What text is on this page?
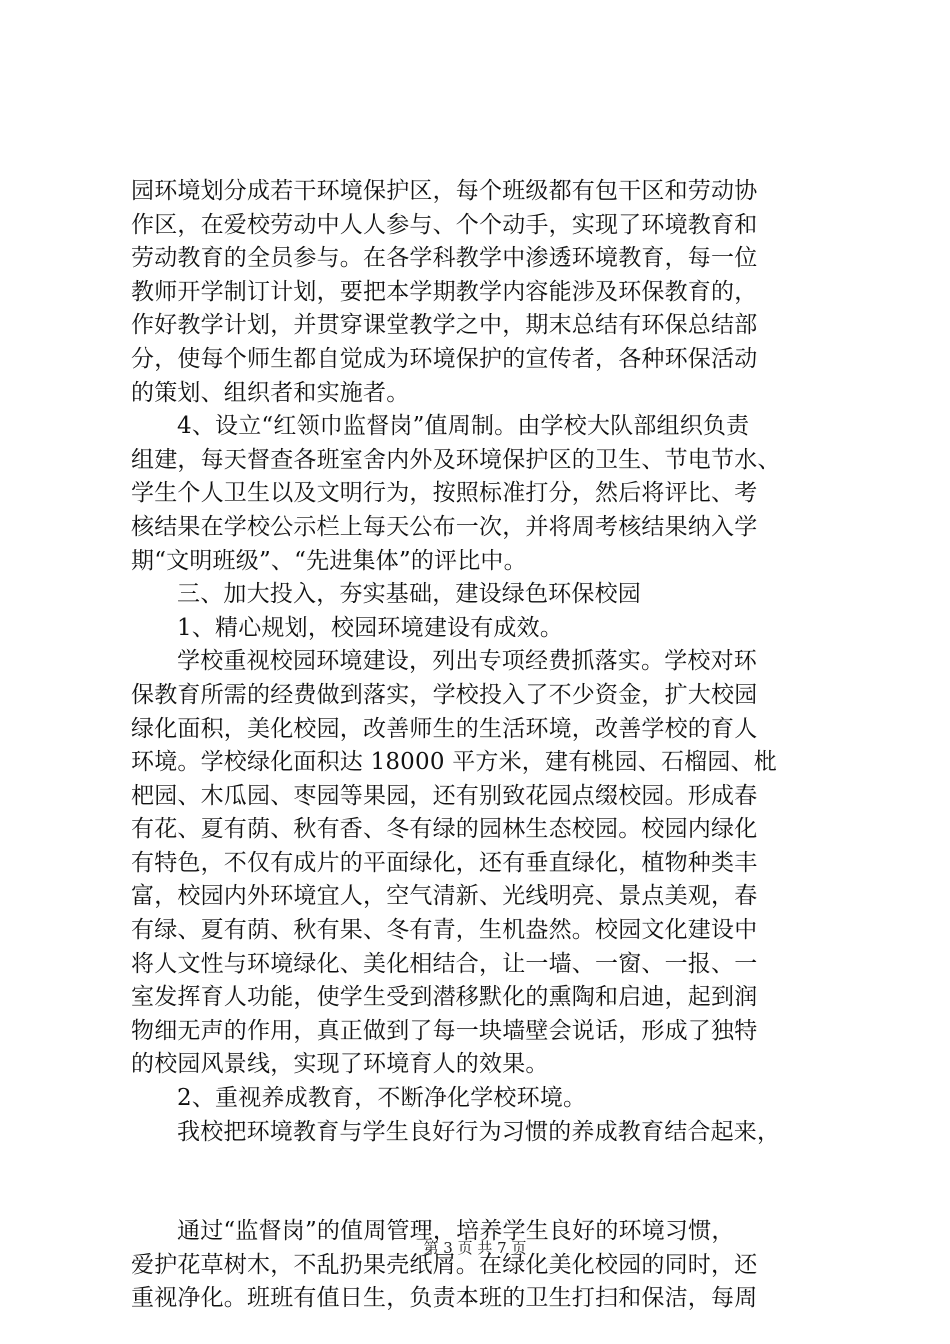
园环境划分成若干环境保护区，每个班级都有包干区和劳动协
作区，在爱校劳动中人人参与、个个动手，实现了环境教育和
劳动教育的全员参与。在各学科教学中渗透环境教育，每一位
教师开学制订计划，要把本学期教学内容能涉及环保教育的，
作好教学计划，并贯穿课堂教学之中，期末总结有环保总结部
分，使每个师生都自觉成为环境保护的宣传者，各种环保活动
的策划、组织者和实施者。
4、设立“红领巾监督岗”值周制。由学校大队部组织负责
组建，每天督查各班室舍内外及环境保护区的卫生、节电节水、
学生个人卫生以及文明行为，按照标准打分，然后将评比、考
核结果在学校公示栏上每天公布一次，并将周考核结果纳入学
期“文明班级”、“先进集体”的评比中。
三、加大投入，夯实基础，建设绿色环保校园
1、精心规划，校园环境建设有成效。
学校重视校园环境建设，列出专项经费抓落实。学校对环
保教育所需的经费做到落实，学校投入了不少资金，扩大校园
绿化面积，美化校园，改善师生的生活环境，改善学校的育人
环境。学校绿化面积达 18000 平方米，建有桃园、石榴园、枇
杷园、木瓜园、枣园等果园，还有别致花园点缀校园。形成春
有花、夏有荫、秋有香、冬有绿的园林生态校园。校园内绿化
有特色，不仅有成片的平面绿化，还有垂直绿化，植物种类丰
富，校园内外环境宜人，空气清新、光线明亮、景点美观，春
有绿、夏有荫、秋有果、冬有青，生机盎然。校园文化建设中
将人文性与环境绿化、美化相结合，让一墙、一窗、一报、一
室发挥育人功能，使学生受到潜移默化的熏陶和启迪，起到润
物细无声的作用，真正做到了每一块墙壁会说话，形成了独特
的校园风景线，实现了环境育人的效果。
2、重视养成教育，不断净化学校环境。
我校把环境教育与学生良好行为习惯的养成教育结合起来，
通过“监督岗”的值周管理，培养学生良好的环境习惯，
爱护花草树木，不乱扔果壳纸屑。在绿化美化校园的同时，还
重视净化。班班有值日生，负责本班的卫生打扫和保洁，每周
第 3 页 共 7 页
